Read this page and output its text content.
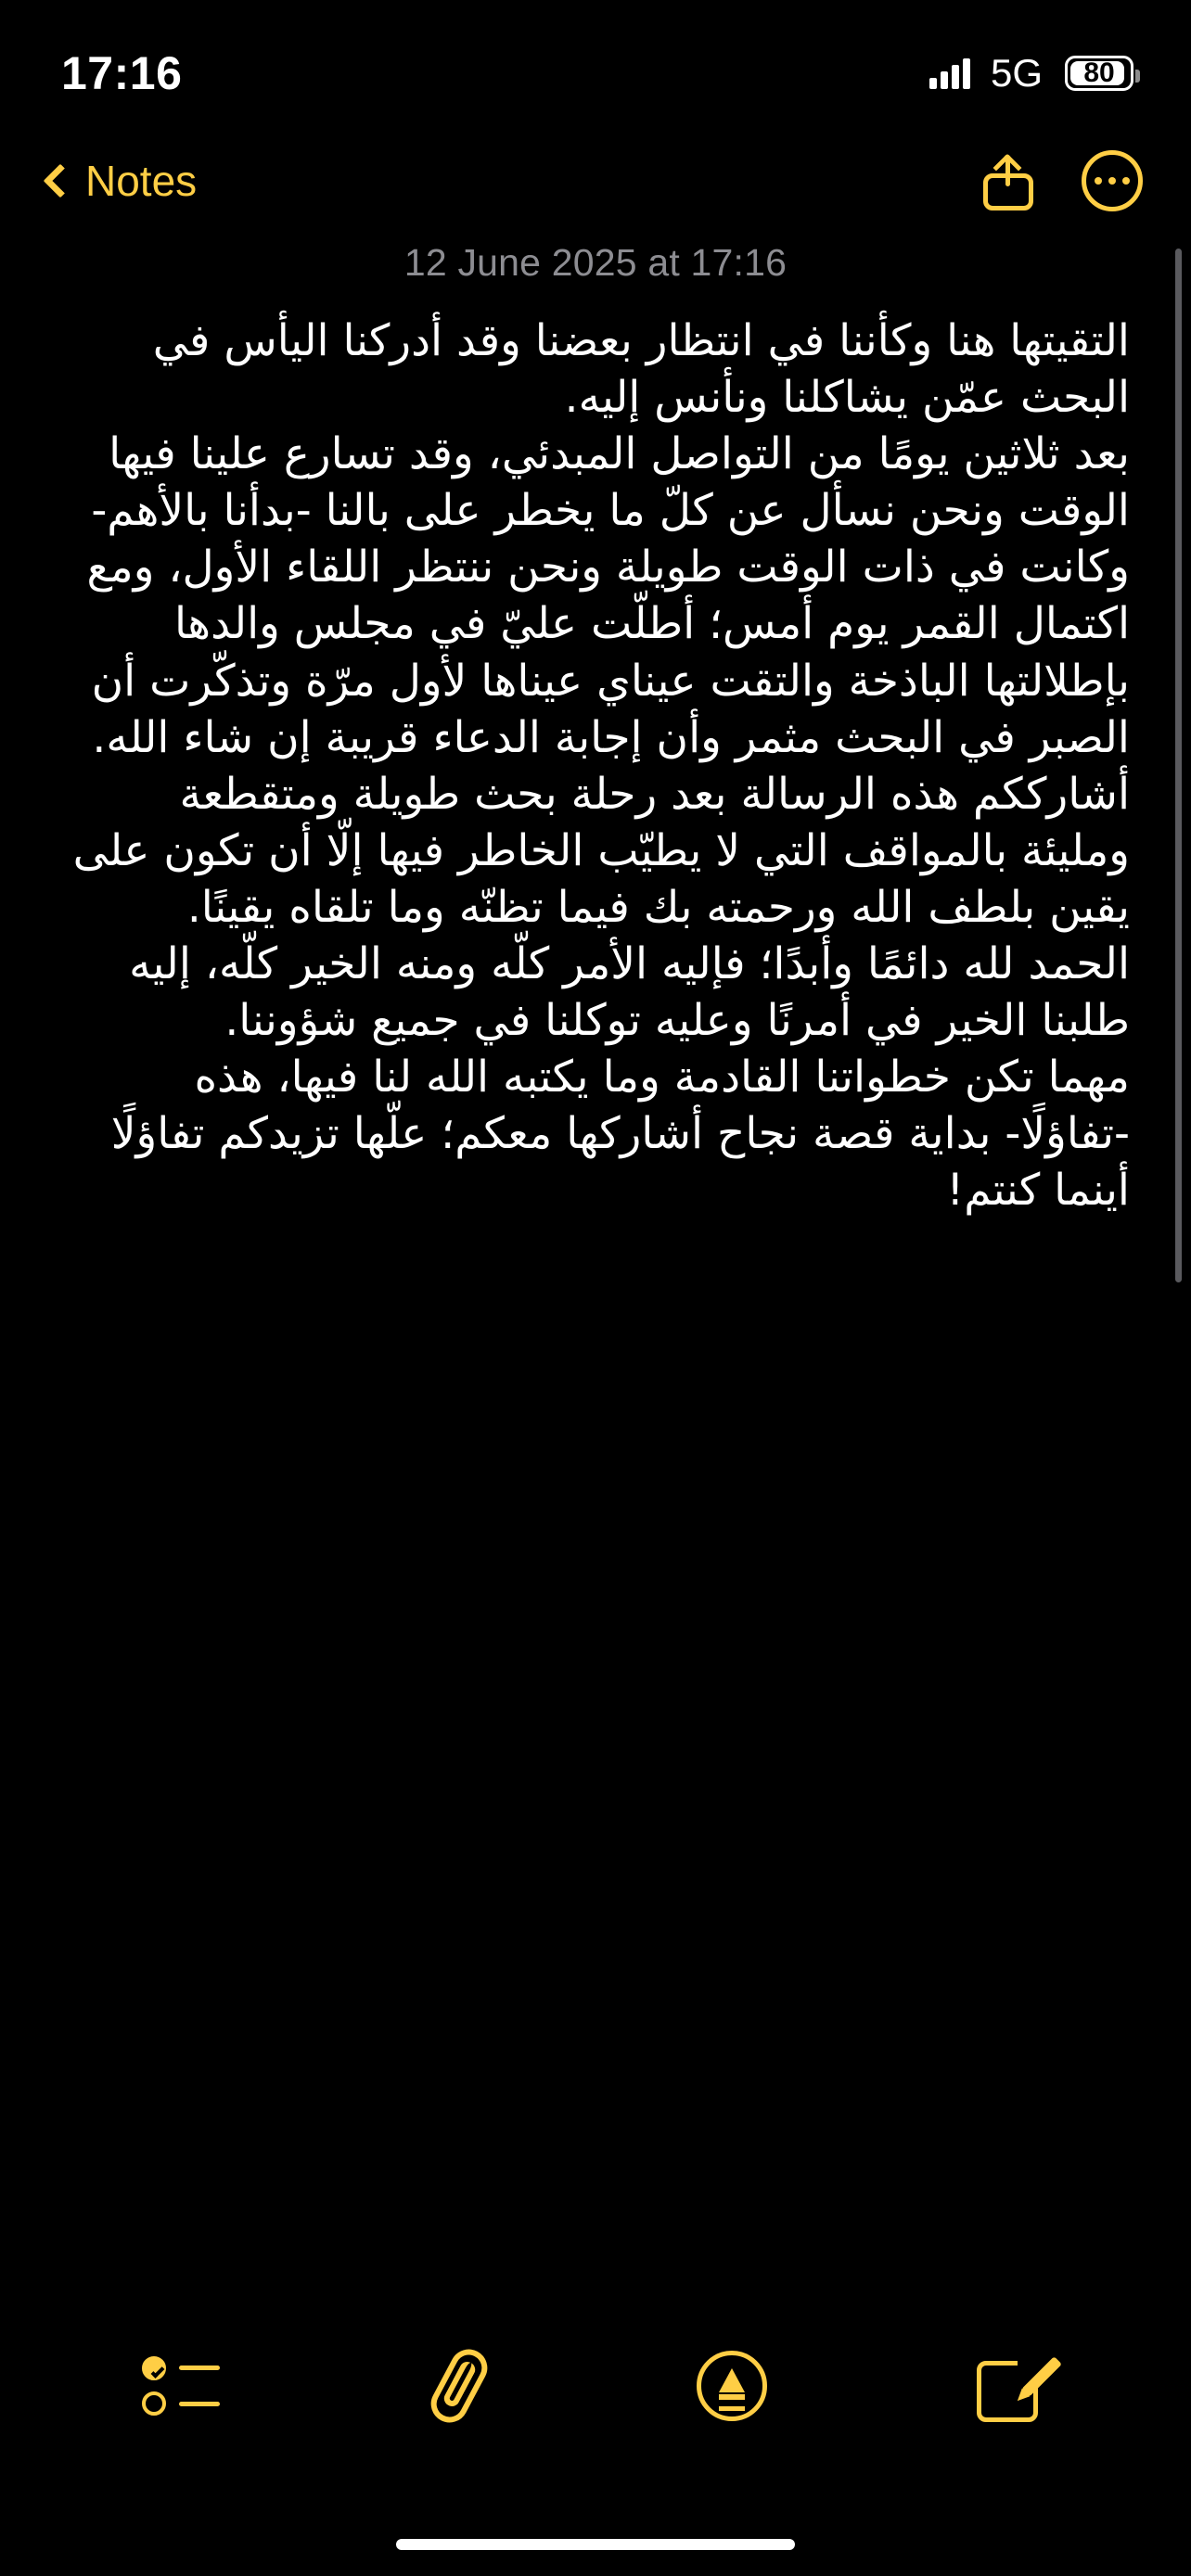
17:16	5G 80
Notes
12 June 2025 at 17:16

التقيتها هنا وكأننا في انتظار بعضنا وقد أدركنا اليأس في البحث عمّن يشاكلنا ونأنس إليه.

بعد ثلاثين يومًا من التواصل المبدئي، وقد تسارع علينا فيها الوقت ونحن نسأل عن كلّ ما يخطر على بالنا -بدأنا بالأهم- وكانت في ذات الوقت طويلة ونحن ننتظر اللقاء الأول، ومع اكتمال القمر يوم أمس؛ أطلّت عليّ في مجلس والدها بإطلالتها الباذخة والتقت عيناي عيناها لأول مرّة وتذكّرت أن الصبر في البحث مثمر وأن إجابة الدعاء قريبة إن شاء الله.

أشارككم هذه الرسالة بعد رحلة بحث طويلة ومتقطعة ومليئة بالمواقف التي لا يطيّب الخاطر فيها إلّا أن تكون على يقين بلطف الله ورحمته بك فيما تظنّه وما تلقاه يقينًا.

الحمد لله دائمًا وأبدًا؛ فإليه الأمر كلّه ومنه الخير كلّه، إليه طلبنا الخير في أمرنًا وعليه توكلنا في جميع شؤوننا.

مهما تكن خطواتنا القادمة وما يكتبه الله لنا فيها، هذه -تفاؤلًا- بداية قصة نجاح أشاركها معكم؛ علّها تزيدكم تفاؤلًا أينما كنتم!
